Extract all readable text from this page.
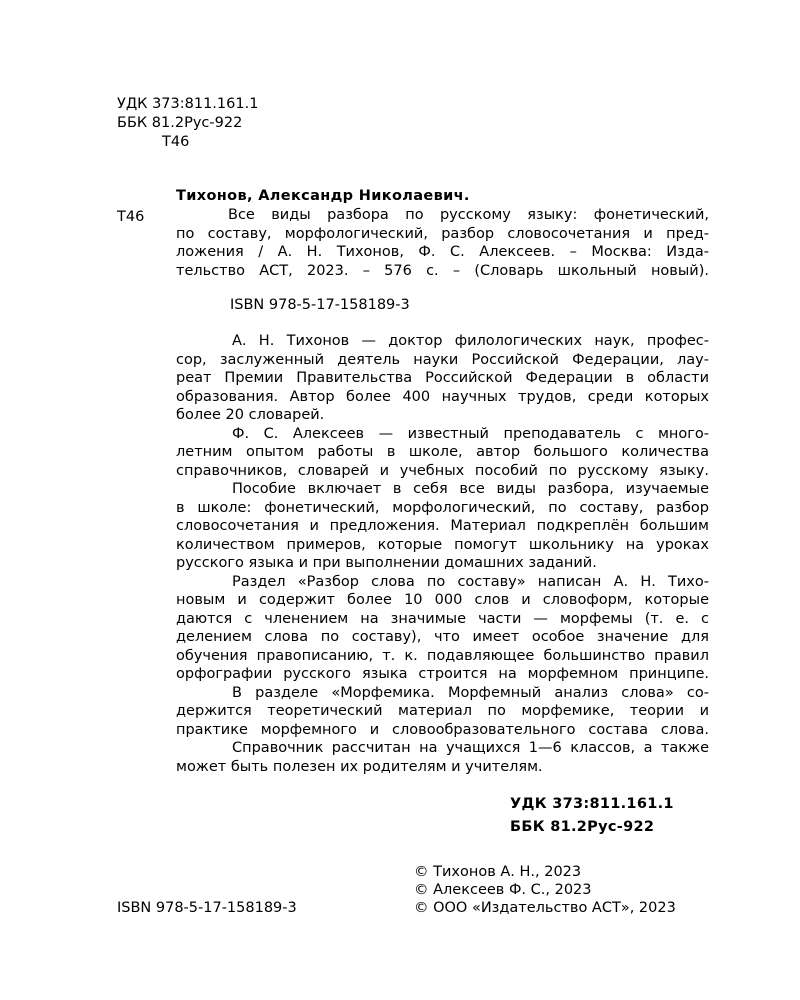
УДК 373:811.161.1
ББК 81.2Рус-922
Т46
Тихонов, Александр Николаевич.
Т46	Все виды разбора по русскому языку: фонетический,
по составу, морфологический, разбор словосочетания и пред-
ложения / А. Н. Тихонов, Ф. С. Алексеев. – Москва: Изда-
тельство АСТ, 2023. – 576 с. – (Словарь школьный новый).
ISBN 978-5-17-158189-3
А. Н. Тихонов — доктор филологических наук, профес-
сор, заслуженный деятель науки Российской Федерации, лау-
реат Премии Правительства Российской Федерации в области
образования. Автор более 400 научных трудов, среди которых
более 20 словарей.
Ф. С. Алексеев — известный преподаватель с много-
летним опытом работы в школе, автор большого количества
справочников, словарей и учебных пособий по русскому языку.
Пособие включает в себя все виды разбора, изучаемые
в школе: фонетический, морфологический, по составу, разбор
словосочетания и предложения. Материал подкреплён большим
количеством примеров, которые помогут школьнику на уроках
русского языка и при выполнении домашних заданий.
Раздел «Разбор слова по составу» написан А. Н. Тихо-
новым и содержит более 10 000 слов и словоформ, которые
даются с членением на значимые части — морфемы (т. е. с
делением слова по составу), что имеет особое значение для
обучения правописанию, т. к. подавляющее большинство правил
орфографии русского языка строится на морфемном принципе.
В разделе «Морфемика. Морфемный анализ слова» со-
держится теоретический материал по морфемике, теории и
практике морфемного и словообразовательного состава слова.
Справочник рассчитан на учащихся 1—6 классов, а также
может быть полезен их родителям и учителям.
УДК 373:811.161.1
ББК 81.2Рус-922
ISBN 978-5-17-158189-3
© Тихонов А. Н., 2023
© Алексеев Ф. С., 2023
© ООО «Издательство АСТ», 2023
